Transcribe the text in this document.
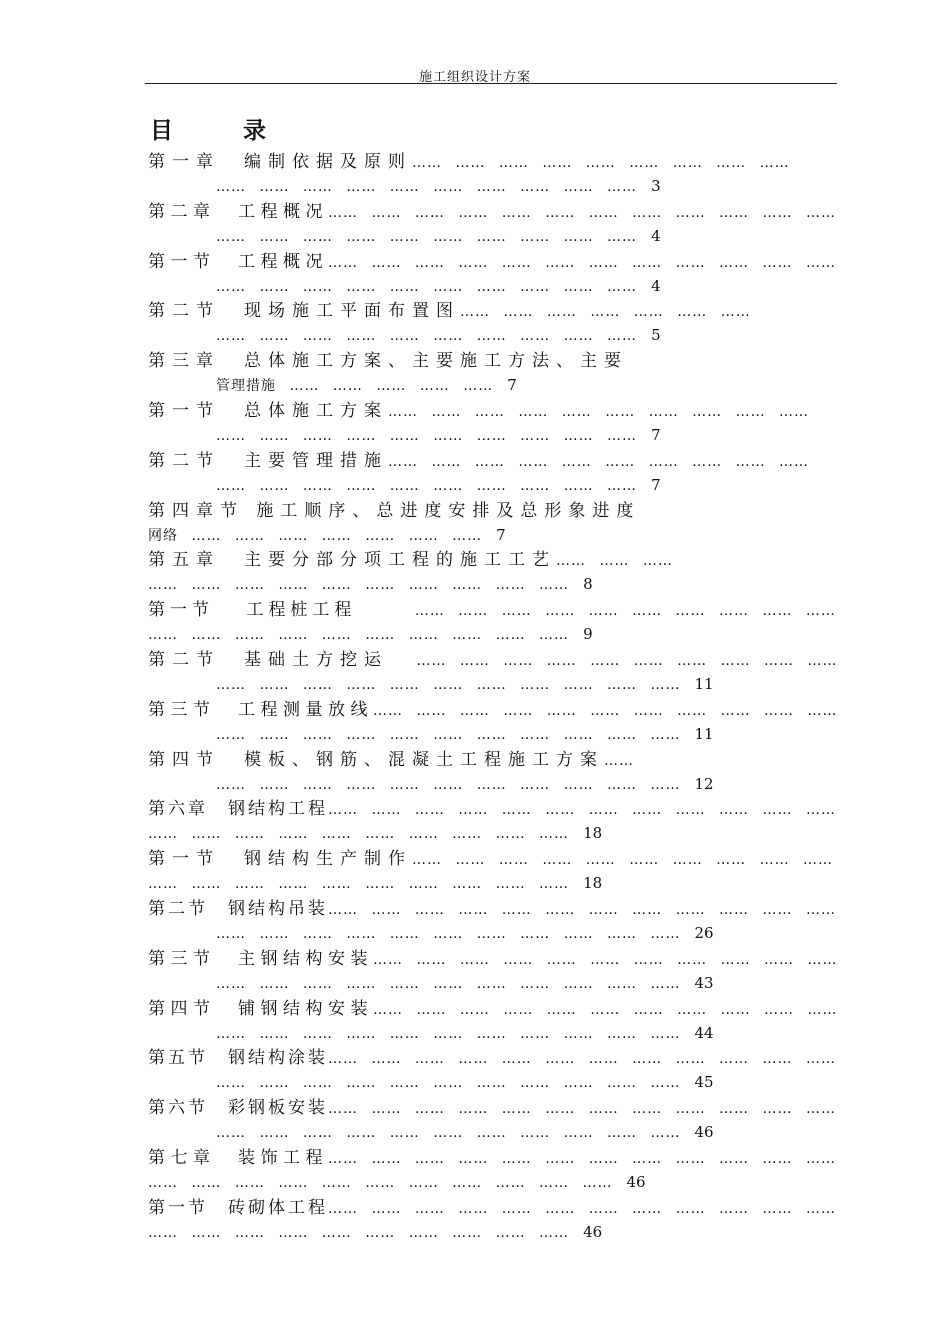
施工组织设计方案
目	录
第一章　编制依据及原则…… …… …… …… …… …… …… …… ……
…… …… …… …… …… …… …… …… …… …… 3
第二章　工程概况…… …… …… …… …… …… …… …… …… …… …… ……
…… …… …… …… …… …… …… …… …… …… 4
第一节　工程概况…… …… …… …… …… …… …… …… …… …… …… ……
…… …… …… …… …… …… …… …… …… …… 4
第二节　现场施工平面布置图…… …… …… …… …… …… ……
…… …… …… …… …… …… …… …… …… …… 5
第三章　总体施工方案、主要施工方法、主要
管理措施 …… …… …… …… …… 7
第一节　总体施工方案…… …… …… …… …… …… …… …… …… ……
…… …… …… …… …… …… …… …… …… …… 7
第二节　主要管理措施…… …… …… …… …… …… …… …… …… ……
…… …… …… …… …… …… …… …… …… …… 7
第四章节 施工顺序、总进度安排及总形象进度
网络 …… …… …… …… …… …… …… 7
第五章　主要分部分项工程的施工工艺…… …… ……
…… …… …… …… …… …… …… …… …… …… 8
第一节　 工程桩工程　　　 …… …… …… …… …… …… …… …… …… ……
…… …… …… …… …… …… …… …… …… …… 9
第二节　基础土方挖运　 …… …… …… …… …… …… …… …… …… ……
…… …… …… …… …… …… …… …… …… …… …… 11
第三节　工程测量放线…… …… …… …… …… …… …… …… …… …… ……
…… …… …… …… …… …… …… …… …… …… …… 11
第四节　模板、钢筋、混凝土工程施工方案……
…… …… …… …… …… …… …… …… …… …… …… 12
第六章　钢结构工程…… …… …… …… …… …… …… …… …… …… …… ……
…… …… …… …… …… …… …… …… …… …… 18
第一节　钢结构生产制作…… …… …… …… …… …… …… …… …… ……
…… …… …… …… …… …… …… …… …… …… 18
第二节　钢结构吊装…… …… …… …… …… …… …… …… …… …… …… ……
…… …… …… …… …… …… …… …… …… …… …… 26
第三节　主钢结构安装…… …… …… …… …… …… …… …… …… …… ……
…… …… …… …… …… …… …… …… …… …… …… 43
第四节　铺钢结构安装…… …… …… …… …… …… …… …… …… …… ……
…… …… …… …… …… …… …… …… …… …… …… 44
第五节　钢结构涂装…… …… …… …… …… …… …… …… …… …… …… ……
…… …… …… …… …… …… …… …… …… …… …… 45
第六节　彩钢板安装…… …… …… …… …… …… …… …… …… …… …… ……
…… …… …… …… …… …… …… …… …… …… …… 46
第七章　装饰工程…… …… …… …… …… …… …… …… …… …… …… ……
…… …… …… …… …… …… …… …… …… …… …… 46
第一节　砖砌体工程…… …… …… …… …… …… …… …… …… …… …… ……
…… …… …… …… …… …… …… …… …… …… 46
